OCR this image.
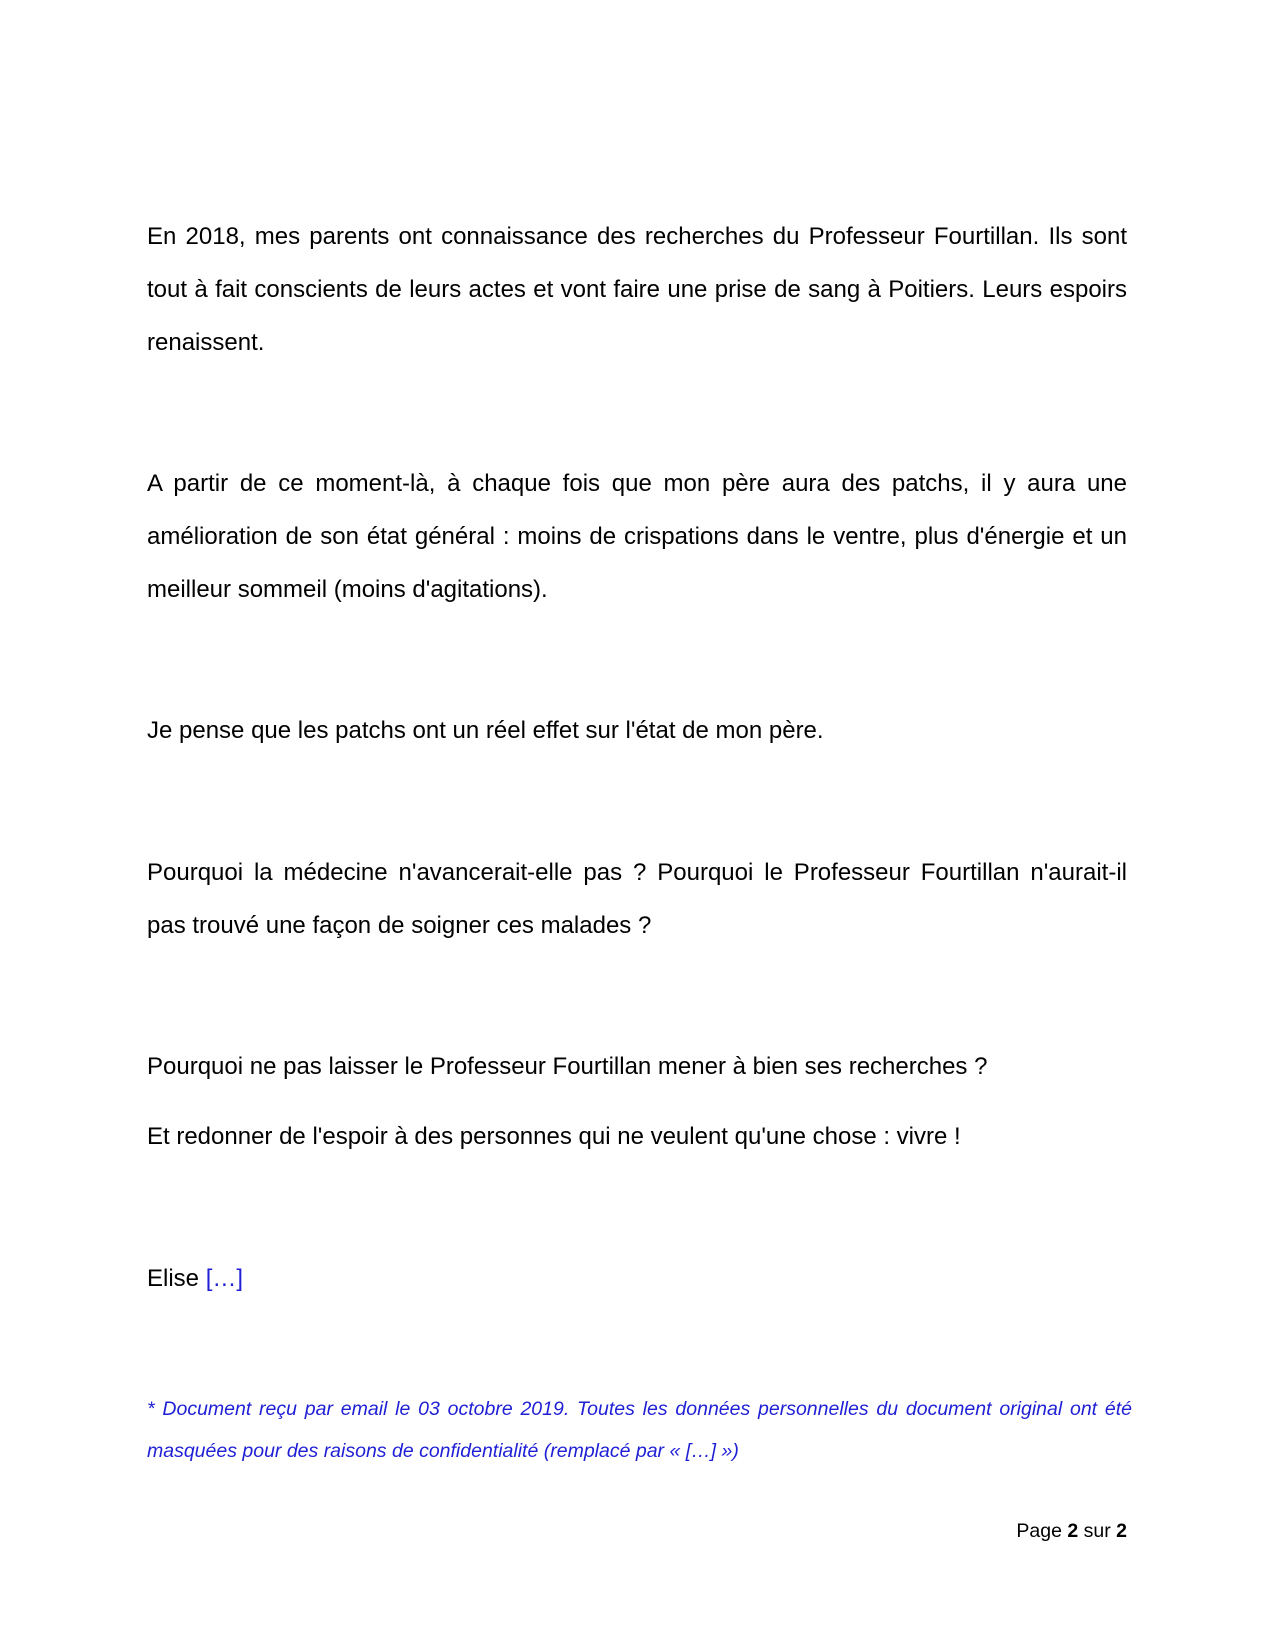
En 2018, mes parents ont connaissance des recherches du Professeur Fourtillan. Ils sont tout à fait conscients de leurs actes et vont faire une prise de sang à Poitiers. Leurs espoirs renaissent.

A partir de ce moment-là, à chaque fois que mon père aura des patchs, il y aura une amélioration de son état général : moins de crispations dans le ventre, plus d'énergie et un meilleur sommeil (moins d'agitations).

Je pense que les patchs ont un réel effet sur l'état de mon père.

Pourquoi la médecine n'avancerait-elle pas ? Pourquoi le Professeur Fourtillan n'aurait-il pas trouvé une façon de soigner ces malades ?

Pourquoi ne pas laisser le Professeur Fourtillan mener à bien ses recherches ?

Et redonner de l'espoir à des personnes qui ne veulent qu'une chose : vivre !

Elise […]

* Document reçu par email le 03 octobre 2019. Toutes les données personnelles du document original ont été masquées pour des raisons de confidentialité (remplacé par « […] »)

Page 2 sur 2
